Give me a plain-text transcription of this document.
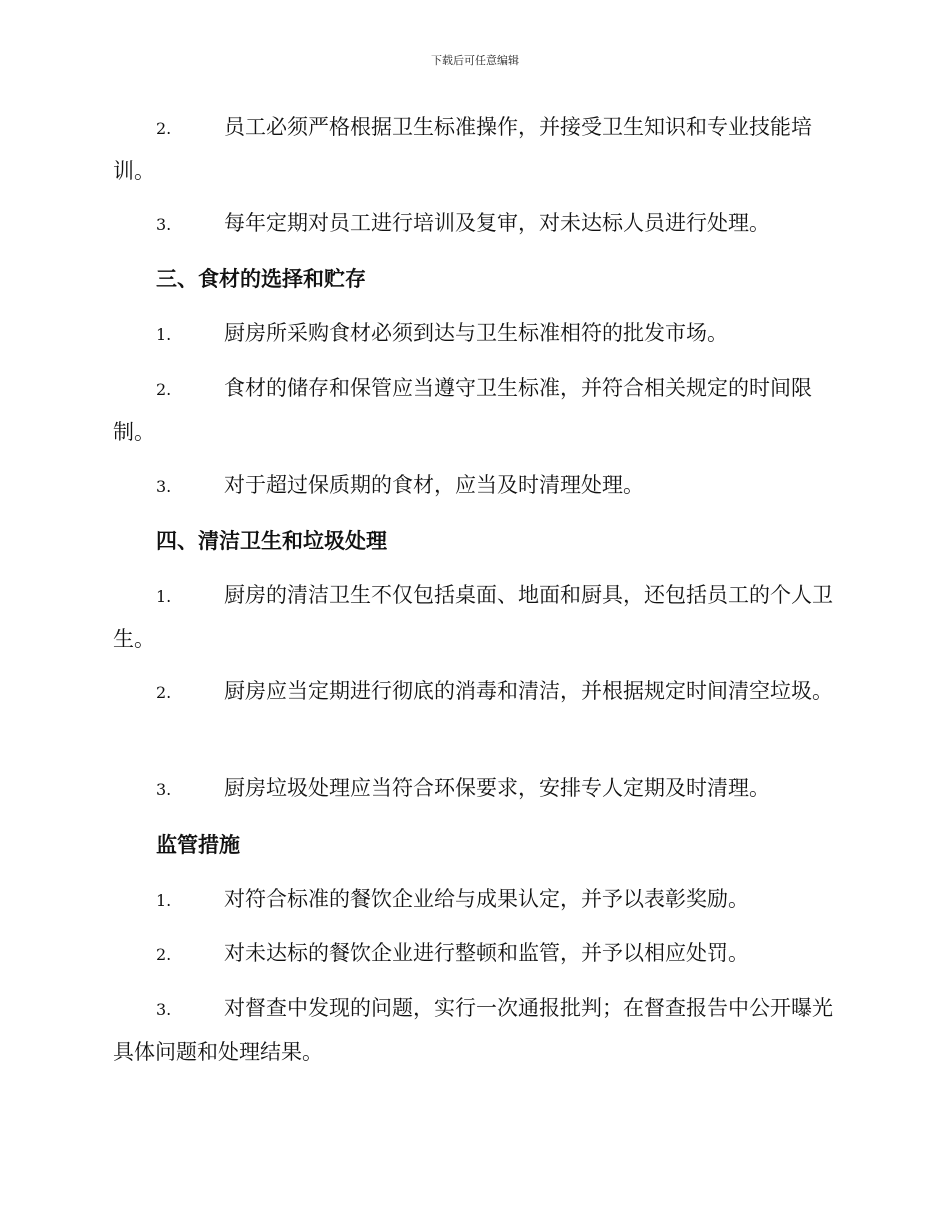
下载后可任意编辑
2.	员工必须严格根据卫生标准操作，并接受卫生知识和专业技能培训。
3.	每年定期对员工进行培训及复审，对未达标人员进行处理。
三、食材的选择和贮存
1.	厨房所采购食材必须到达与卫生标准相符的批发市场。
2.	食材的储存和保管应当遵守卫生标准，并符合相关规定的时间限制。
3.	对于超过保质期的食材，应当及时清理处理。
四、清洁卫生和垃圾处理
1.	厨房的清洁卫生不仅包括桌面、地面和厨具，还包括员工的个人卫生。
2.	厨房应当定期进行彻底的消毒和清洁，并根据规定时间清空垃圾。
3.	厨房垃圾处理应当符合环保要求，安排专人定期及时清理。
监管措施
1.	对符合标准的餐饮企业给与成果认定，并予以表彰奖励。
2.	对未达标的餐饮企业进行整顿和监管，并予以相应处罚。
3.	对督查中发现的问题，实行一次通报批判；在督查报告中公开曝光具体问题和处理结果。
